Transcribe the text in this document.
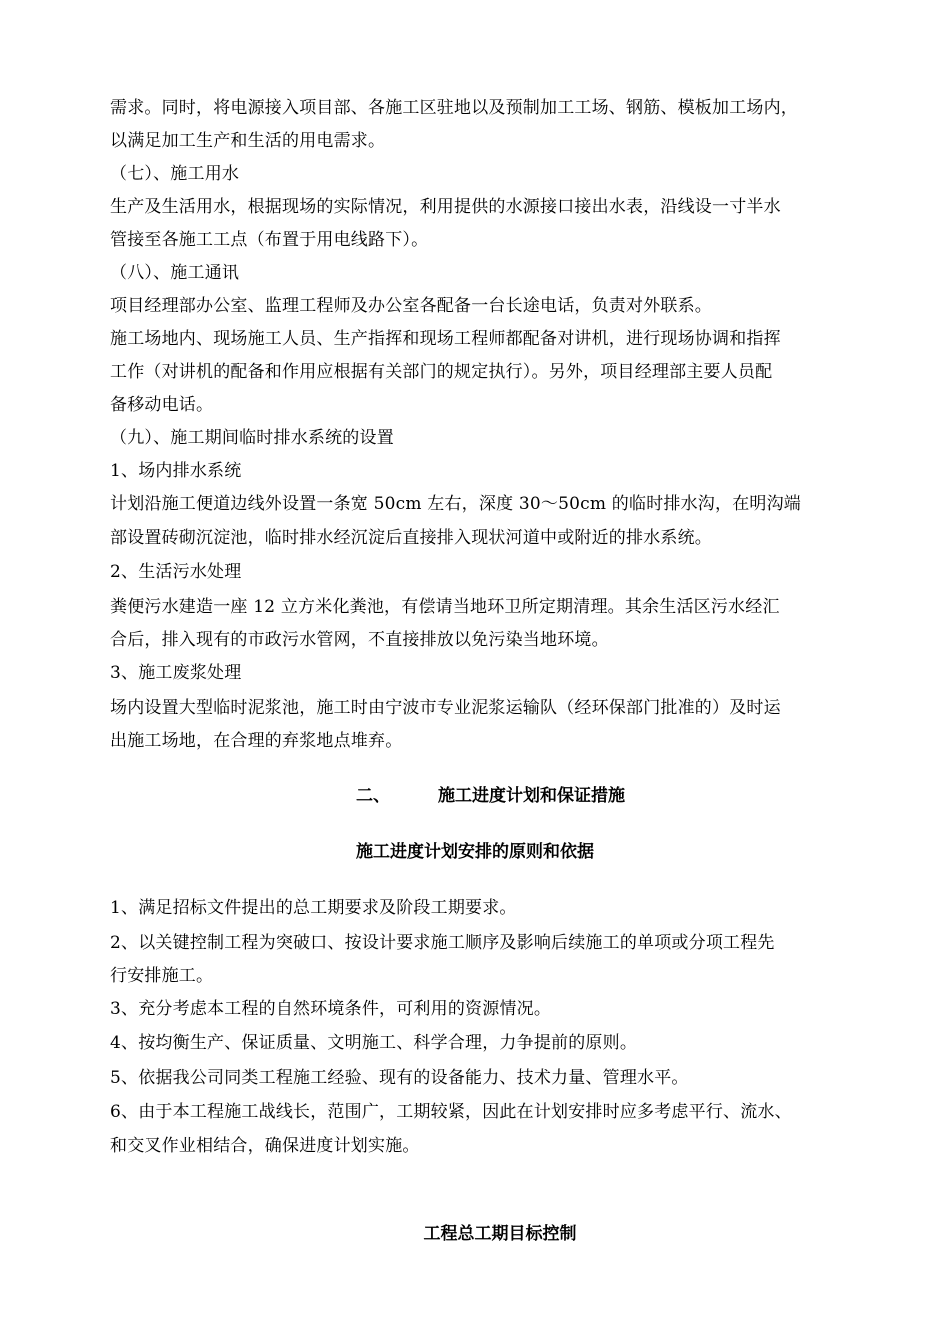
需求。同时，将电源接入项目部、各施工区驻地以及预制加工工场、钢筋、模板加工场内，
以满足加工生产和生活的用电需求。
（七）、施工用水
生产及生活用水，根据现场的实际情况，利用提供的水源接口接出水表，沿线设一寸半水
管接至各施工工点（布置于用电线路下）。
（八）、施工通讯
项目经理部办公室、监理工程师及办公室各配备一台长途电话，负责对外联系。
施工场地内、现场施工人员、生产指挥和现场工程师都配备对讲机，进行现场协调和指挥
工作（对讲机的配备和作用应根据有关部门的规定执行）。另外，项目经理部主要人员配
备移动电话。
（九）、施工期间临时排水系统的设置
1、场内排水系统
计划沿施工便道边线外设置一条宽 50cm 左右，深度 30～50cm 的临时排水沟，在明沟端
部设置砖砌沉淀池，临时排水经沉淀后直接排入现状河道中或附近的排水系统。
2、生活污水处理
粪便污水建造一座 12 立方米化粪池，有偿请当地环卫所定期清理。其余生活区污水经汇
合后，排入现有的市政污水管网，不直接排放以免污染当地环境。
3、施工废浆处理
场内设置大型临时泥浆池，施工时由宁波市专业泥浆运输队（经环保部门批准的）及时运
出施工场地，在合理的弃浆地点堆弃。
二、	施工进度计划和保证措施
施工进度计划安排的原则和依据
1、满足招标文件提出的总工期要求及阶段工期要求。
2、以关键控制工程为突破口、按设计要求施工顺序及影响后续施工的单项或分项工程先
行安排施工。
3、充分考虑本工程的自然环境条件，可利用的资源情况。
4、按均衡生产、保证质量、文明施工、科学合理，力争提前的原则。
5、依据我公司同类工程施工经验、现有的设备能力、技术力量、管理水平。
6、由于本工程施工战线长，范围广，工期较紧，因此在计划安排时应多考虑平行、流水、
和交叉作业相结合，确保进度计划实施。
工程总工期目标控制
